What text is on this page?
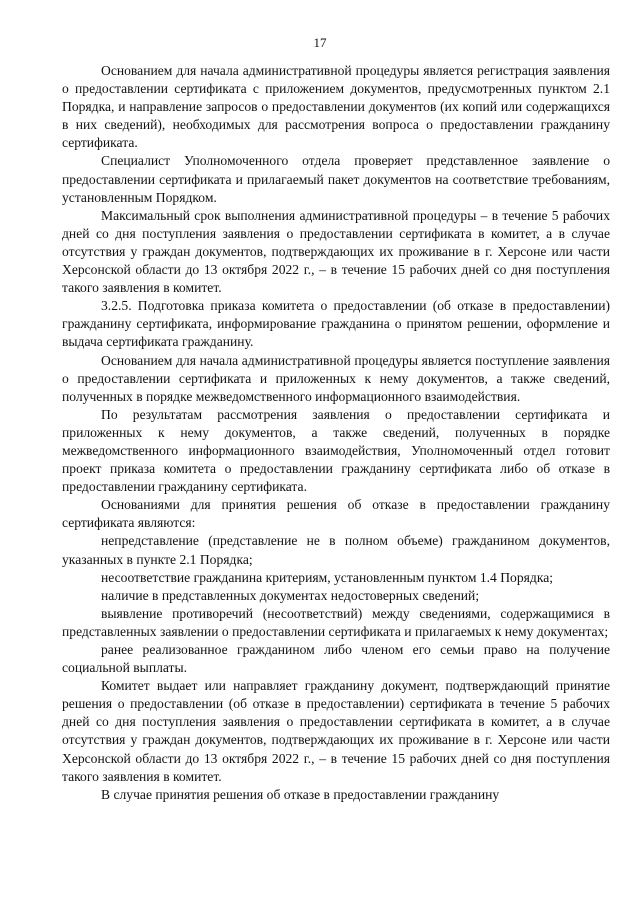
17

Основанием для начала административной процедуры является регистрация заявления о предоставлении сертификата с приложением документов, предусмотренных пунктом 2.1 Порядка, и направление запросов о предоставлении документов (их копий или содержащихся в них сведений), необходимых для рассмотрения вопроса о предоставлении гражданину сертификата.

Специалист Уполномоченного отдела проверяет представленное заявление о предоставлении сертификата и прилагаемый пакет документов на соответствие требованиям, установленным Порядком.

Максимальный срок выполнения административной процедуры – в течение 5 рабочих дней со дня поступления заявления о предоставлении сертификата в комитет, а в случае отсутствия у граждан документов, подтверждающих их проживание в г. Херсоне или части Херсонской области до 13 октября 2022 г., – в течение 15 рабочих дней со дня поступления такого заявления в комитет.

3.2.5. Подготовка приказа комитета о предоставлении (об отказе в предоставлении) гражданину сертификата, информирование гражданина о принятом решении, оформление и выдача сертификата гражданину.

Основанием для начала административной процедуры является поступление заявления о предоставлении сертификата и приложенных к нему документов, а также сведений, полученных в порядке межведомственного информационного взаимодействия.

По результатам рассмотрения заявления о предоставлении сертификата и приложенных к нему документов, а также сведений, полученных в порядке межведомственного информационного взаимодействия, Уполномоченный отдел готовит проект приказа комитета о предоставлении гражданину сертификата либо об отказе в предоставлении гражданину сертификата.

Основаниями для принятия решения об отказе в предоставлении гражданину сертификата являются:

непредставление (представление не в полном объеме) гражданином документов, указанных в пункте 2.1 Порядка;

несоответствие гражданина критериям, установленным пунктом 1.4 Порядка;

наличие в представленных документах недостоверных сведений;

выявление противоречий (несоответствий) между сведениями, содержащимися в представленных заявлении о предоставлении сертификата и прилагаемых к нему документах;

ранее реализованное гражданином либо членом его семьи право на получение социальной выплаты.

Комитет выдает или направляет гражданину документ, подтверждающий принятие решения о предоставлении (об отказе в предоставлении) сертификата в течение 5 рабочих дней со дня поступления заявления о предоставлении сертификата в комитет, а в случае отсутствия у граждан документов, подтверждающих их проживание в г. Херсоне или части Херсонской области до 13 октября 2022 г., – в течение 15 рабочих дней со дня поступления такого заявления в комитет.

В случае принятия решения об отказе в предоставлении гражданину
